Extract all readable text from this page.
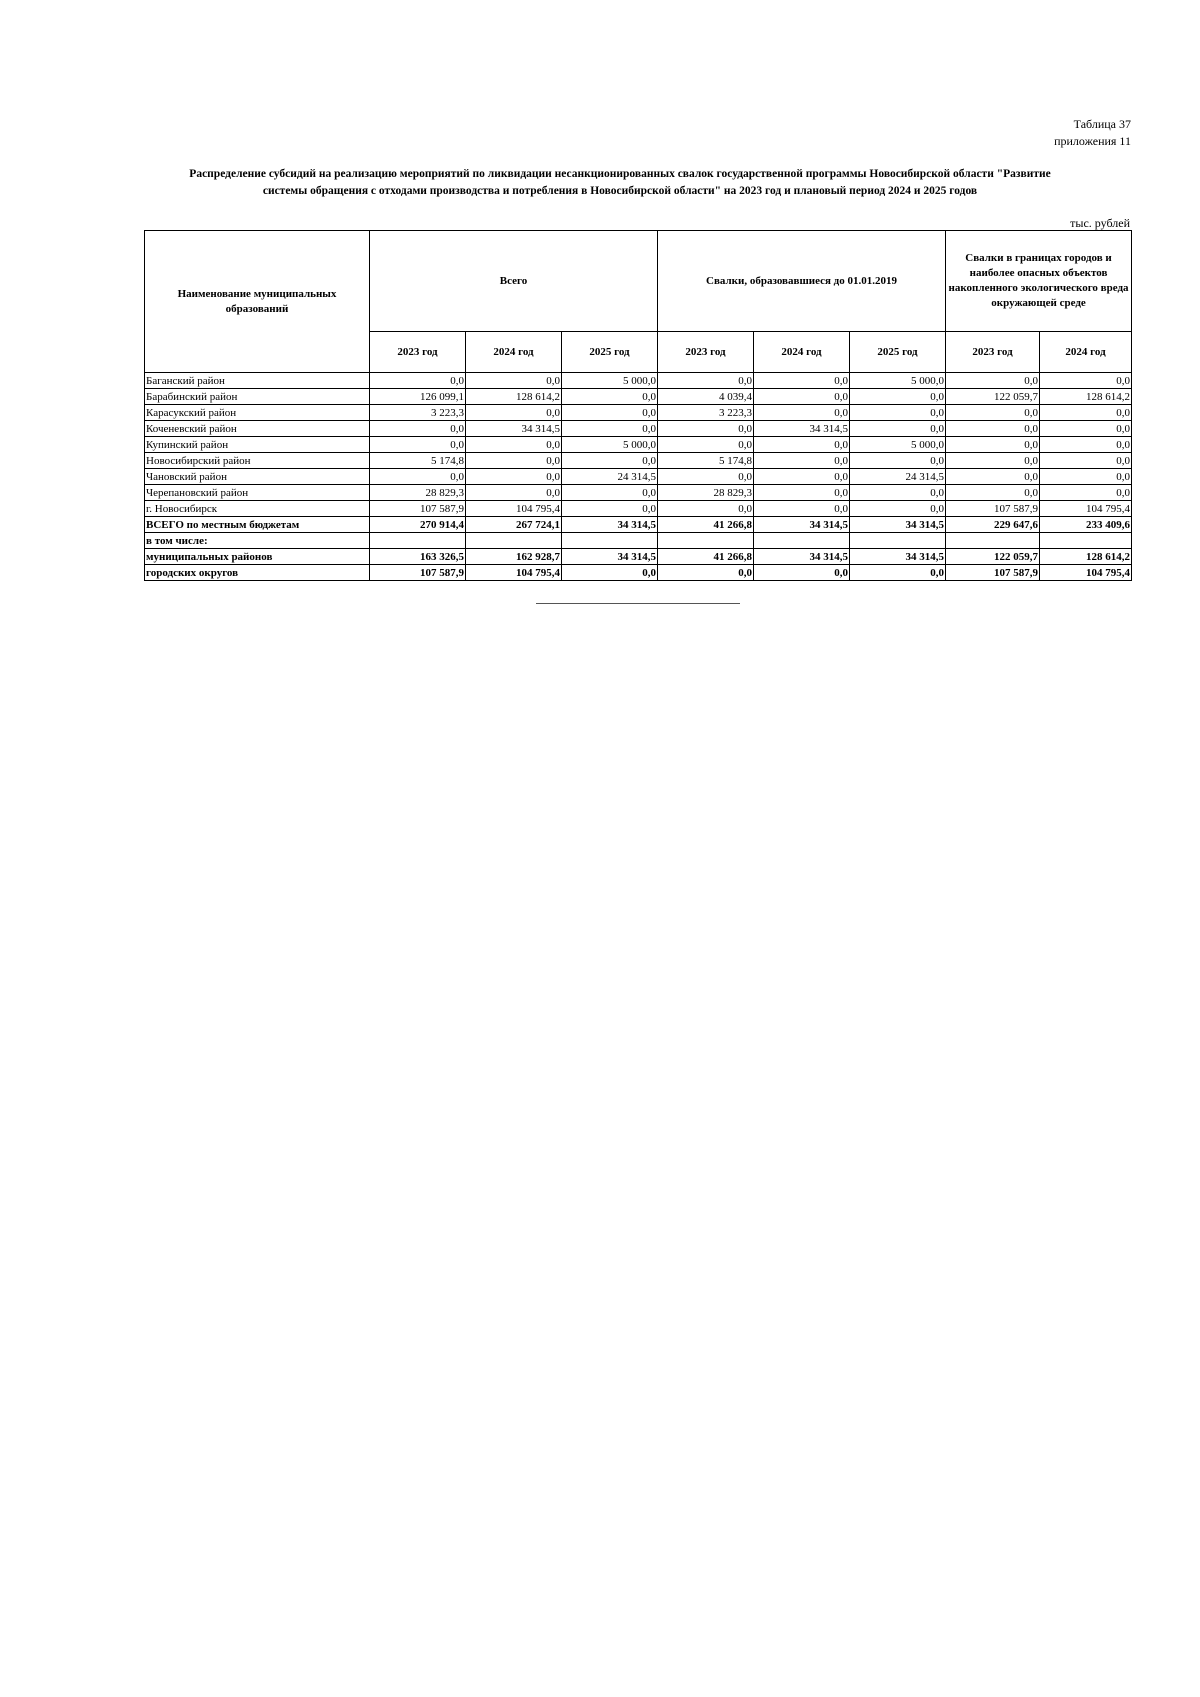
Таблица 37
приложения 11
Распределение субсидий на реализацию мероприятий по ликвидации несанкционированных свалок государственной программы Новосибирской области "Развитие
системы обращения с отходами производства и потребления в Новосибирской области" на 2023 год и плановый период 2024 и 2025 годов
тыс. рублей
Наименование муниципальных образований	Всего			Свалки, образовавшиеся до 01.01.2019			Свалки в границах городов и наиболее опасных объектов накопленного экологического вреда окружающей среде	
	2023 год	2024 год	2025 год	2023 год	2024 год	2025 год	2023 год	2024 год
Баганский район	0,0	0,0	5 000,0	0,0	0,0	5 000,0	0,0	0,0
Барабинский район	126 099,1	128 614,2	0,0	4 039,4	0,0	0,0	122 059,7	128 614,2
Карасукский район	3 223,3	0,0	0,0	3 223,3	0,0	0,0	0,0	0,0
Коченевский район	0,0	34 314,5	0,0	0,0	34 314,5	0,0	0,0	0,0
Купинский район	0,0	0,0	5 000,0	0,0	0,0	5 000,0	0,0	0,0
Новосибирский район	5 174,8	0,0	0,0	5 174,8	0,0	0,0	0,0	0,0
Чановский район	0,0	0,0	24 314,5	0,0	0,0	24 314,5	0,0	0,0
Черепановский район	28 829,3	0,0	0,0	28 829,3	0,0	0,0	0,0	0,0
г. Новосибирск	107 587,9	104 795,4	0,0	0,0	0,0	0,0	107 587,9	104 795,4
ВСЕГО по местным бюджетам	270 914,4	267 724,1	34 314,5	41 266,8	34 314,5	34 314,5	229 647,6	233 409,6
в том числе:								
муниципальных районов	163 326,5	162 928,7	34 314,5	41 266,8	34 314,5	34 314,5	122 059,7	128 614,2
городских округов	107 587,9	104 795,4	0,0	0,0	0,0	0,0	107 587,9	104 795,4
